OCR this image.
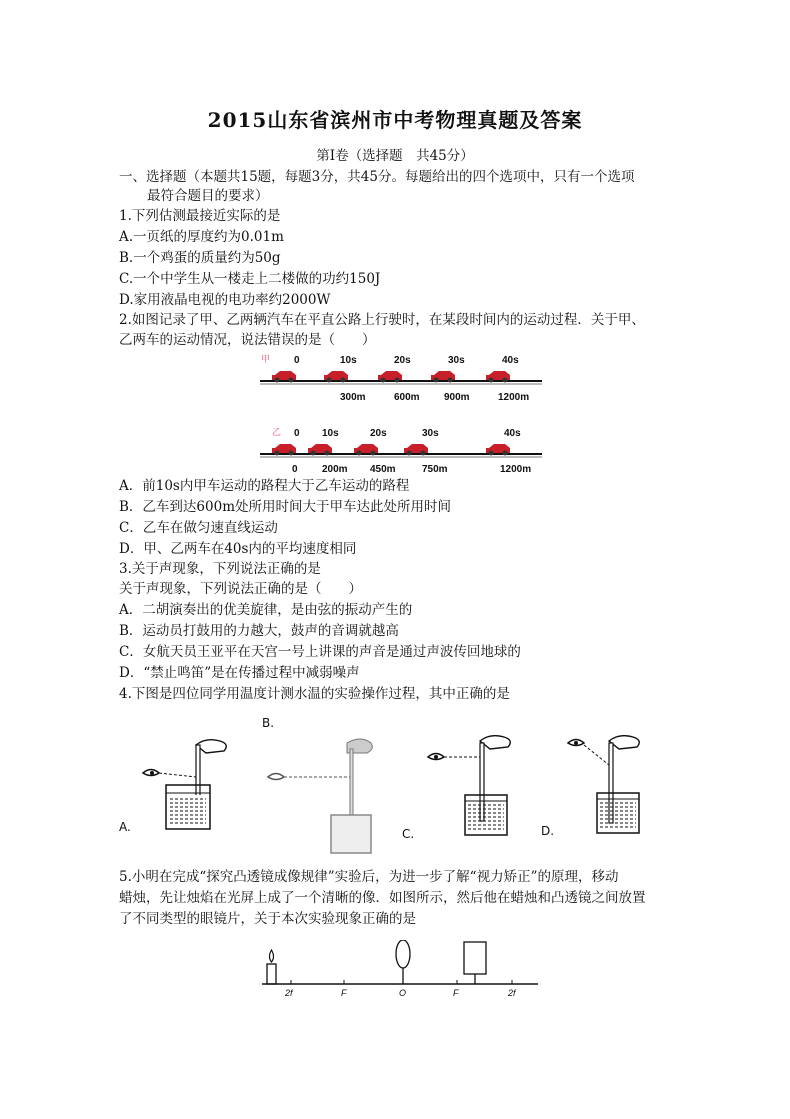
2015山东省滨州市中考物理真题及答案
第Ⅰ卷（选择题　共45分）
一、选择题（本题共15题，每题3分，共45分。每题给出的四个选项中，只有一个选项
最符合题目的要求）
1.下列估测最接近实际的是
A.一页纸的厚度约为0.01m
B.一个鸡蛋的质量约为50g
C.一个中学生从一楼走上二楼做的功约150J
D.家用液晶电视的电功率约2000W
2.如图记录了甲、乙两辆汽车在平直公路上行驶时，在某段时间内的运动过程．关于甲、
乙两车的运动情况，说法错误的是（　　）
甲 0	10s	20s	30s	40s
300m	600m 900m	1200m
乙 0 10s	20s	30s	40s
0 200m 450m	750m	1200m
A．前10s内甲车运动的路程大于乙车运动的路程
B．乙车到达600m处所用时间大于甲车达此处所用时间
C．乙车在做匀速直线运动
D．甲、乙两车在40s内的平均速度相同
3.关于声现象，下列说法正确的是
关于声现象，下列说法正确的是（　　）
A．二胡演奏出的优美旋律，是由弦的振动产生的
B．运动员打鼓用的力越大，鼓声的音调就越高
C．女航天员王亚平在天宫一号上讲课的声音是通过声波传回地球的
D．“禁止鸣笛”是在传播过程中减弱噪声
4.下图是四位同学用温度计测水温的实验操作过程，其中正确的是
A.
B.
C.	D.
5.小明在完成“探究凸透镜成像规律”实验后，为进一步了解“视力矫正”的原理，移动
蜡烛，先让烛焰在光屏上成了一个清晰的像．如图所示，然后他在蜡烛和凸透镜之间放置
了不同类型的眼镜片，关于本次实验现象正确的是
2f	F	O	F	2f
